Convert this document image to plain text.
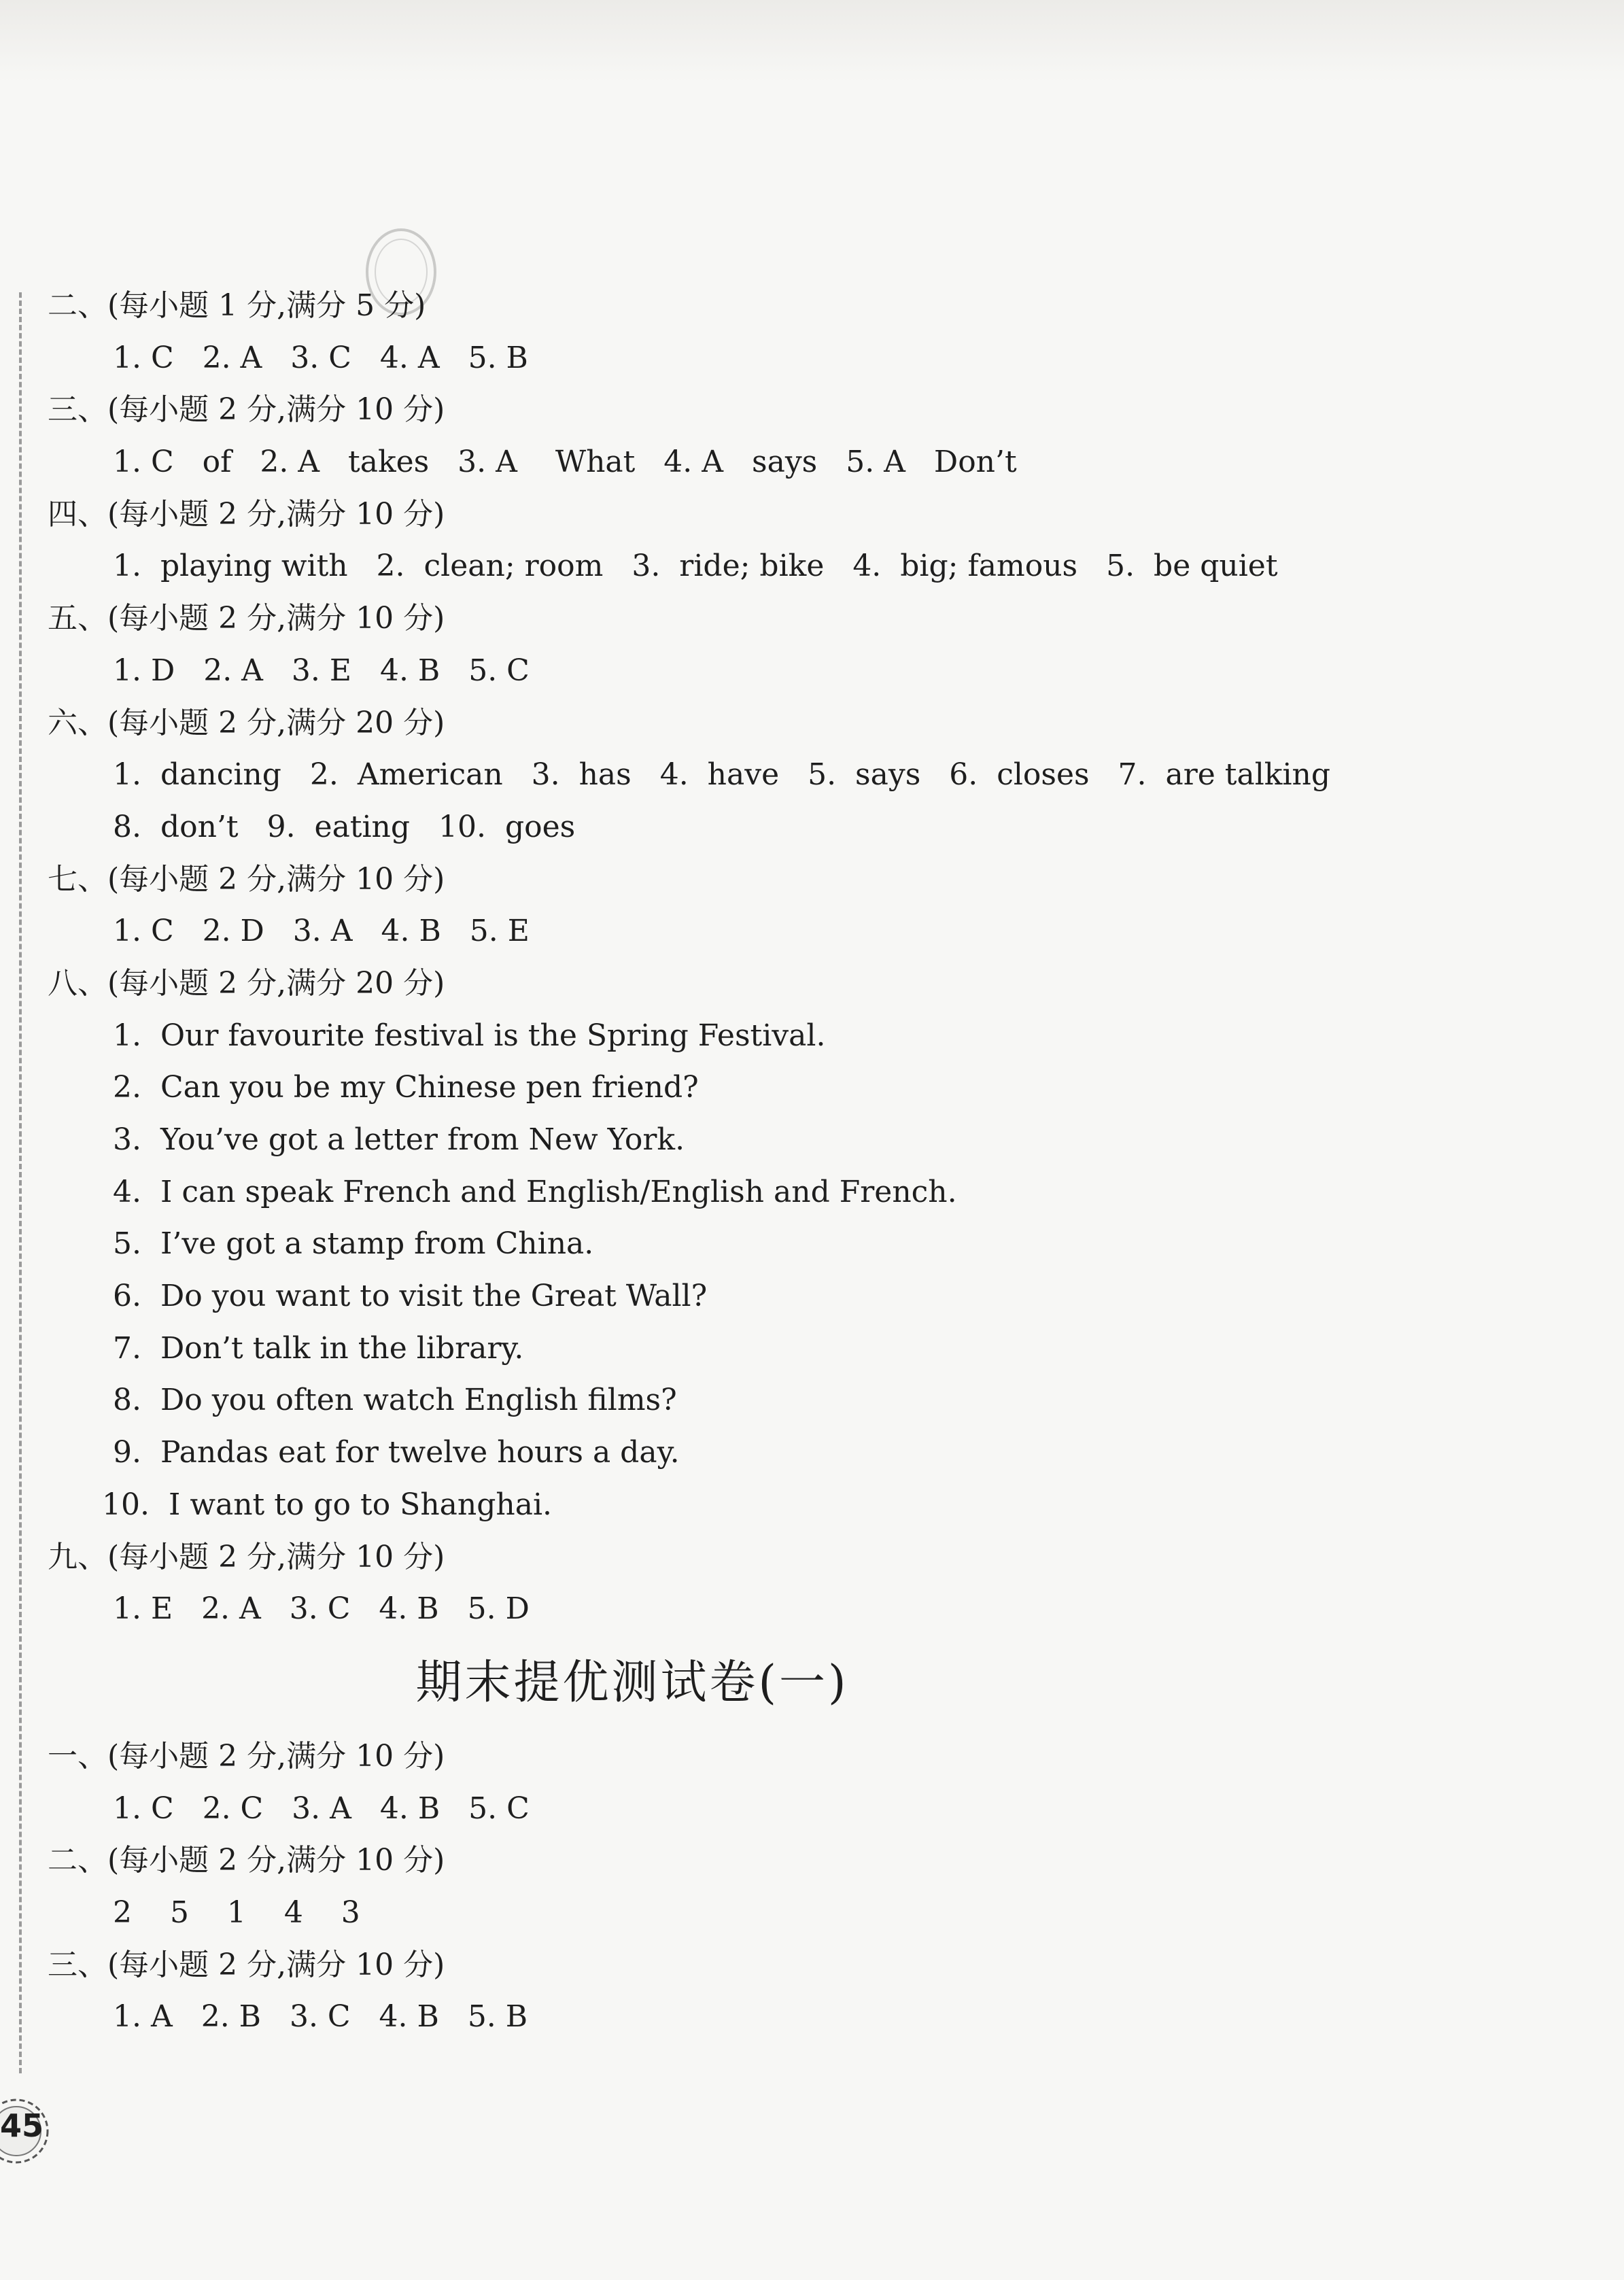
二、(每小题 1 分,满分 5 分)
1. C   2. A   3. C   4. A   5. B
三、(每小题 2 分,满分 10 分)
1. C   of   2. A   takes   3. A    What   4. A   says   5. A   Don’t
四、(每小题 2 分,满分 10 分)
1.  playing with   2.  clean; room   3.  ride; bike   4.  big; famous   5.  be quiet
五、(每小题 2 分,满分 10 分)
1. D   2. A   3. E   4. B   5. C
六、(每小题 2 分,满分 20 分)
1.  dancing   2.  American   3.  has   4.  have   5.  says   6.  closes   7.  are talking
8.  don’t   9.  eating   10.  goes
七、(每小题 2 分,满分 10 分)
1. C   2. D   3. A   4. B   5. E
八、(每小题 2 分,满分 20 分)
1.  Our favourite festival is the Spring Festival.
2.  Can you be my Chinese pen friend?
3.  You’ve got a letter from New York.
4.  I can speak French and English/English and French.
5.  I’ve got a stamp from China.
6.  Do you want to visit the Great Wall?
7.  Don’t talk in the library.
8.  Do you often watch English films?
9.  Pandas eat for twelve hours a day.
10.  I want to go to Shanghai.
九、(每小题 2 分,满分 10 分)
1. E   2. A   3. C   4. B   5. D
期末提优测试卷(一)
一、(每小题 2 分,满分 10 分)
1. C   2. C   3. A   4. B   5. C
二、(每小题 2 分,满分 10 分)
2    5    1    4    3
三、(每小题 2 分,满分 10 分)
1. A   2. B   3. C   4. B   5. B
45
